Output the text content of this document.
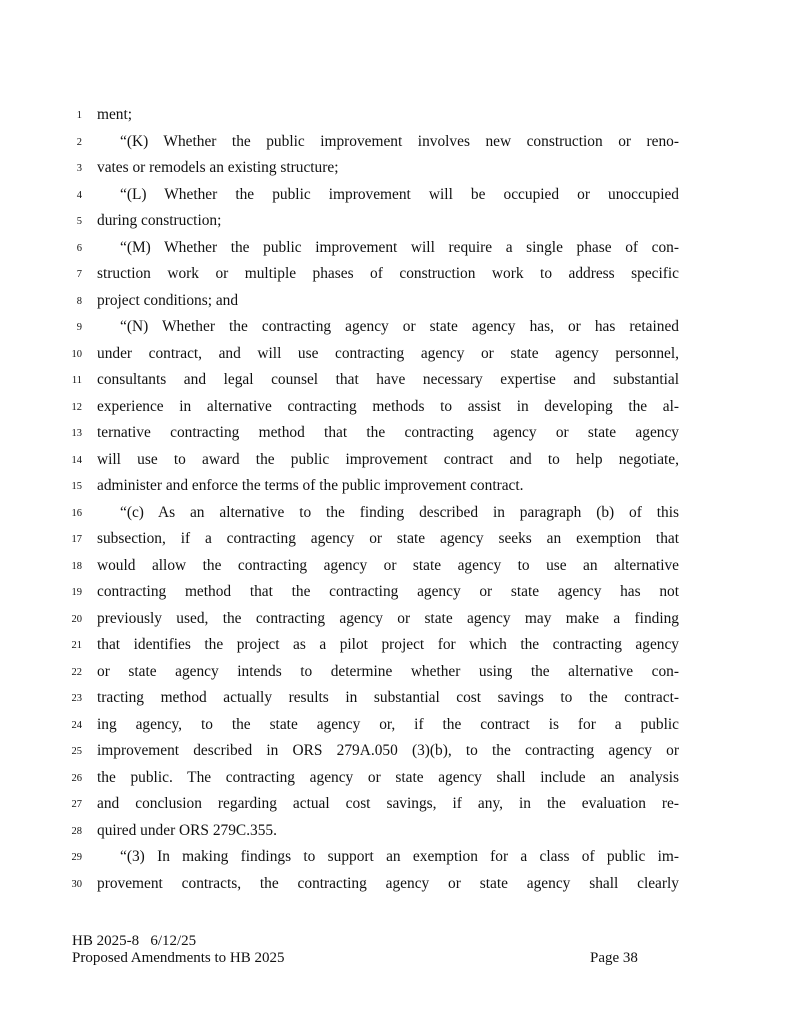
1 ment;
2 “(K) Whether the public improvement involves new construction or reno-
3 vates or remodels an existing structure;
4 “(L) Whether the public improvement will be occupied or unoccupied
5 during construction;
6 “(M) Whether the public improvement will require a single phase of con-
7 struction work or multiple phases of construction work to address specific
8 project conditions; and
9 “(N) Whether the contracting agency or state agency has, or has retained
10 under contract, and will use contracting agency or state agency personnel,
11 consultants and legal counsel that have necessary expertise and substantial
12 experience in alternative contracting methods to assist in developing the al-
13 ternative contracting method that the contracting agency or state agency
14 will use to award the public improvement contract and to help negotiate,
15 administer and enforce the terms of the public improvement contract.
16 “(c) As an alternative to the finding described in paragraph (b) of this
17 subsection, if a contracting agency or state agency seeks an exemption that
18 would allow the contracting agency or state agency to use an alternative
19 contracting method that the contracting agency or state agency has not
20 previously used, the contracting agency or state agency may make a finding
21 that identifies the project as a pilot project for which the contracting agency
22 or state agency intends to determine whether using the alternative con-
23 tracting method actually results in substantial cost savings to the contract-
24 ing agency, to the state agency or, if the contract is for a public
25 improvement described in ORS 279A.050 (3)(b), to the contracting agency or
26 the public. The contracting agency or state agency shall include an analysis
27 and conclusion regarding actual cost savings, if any, in the evaluation re-
28 quired under ORS 279C.355.
29 “(3) In making findings to support an exemption for a class of public im-
30 provement contracts, the contracting agency or state agency shall clearly
HB 2025-8   6/12/25
Proposed Amendments to HB 2025	Page 38
